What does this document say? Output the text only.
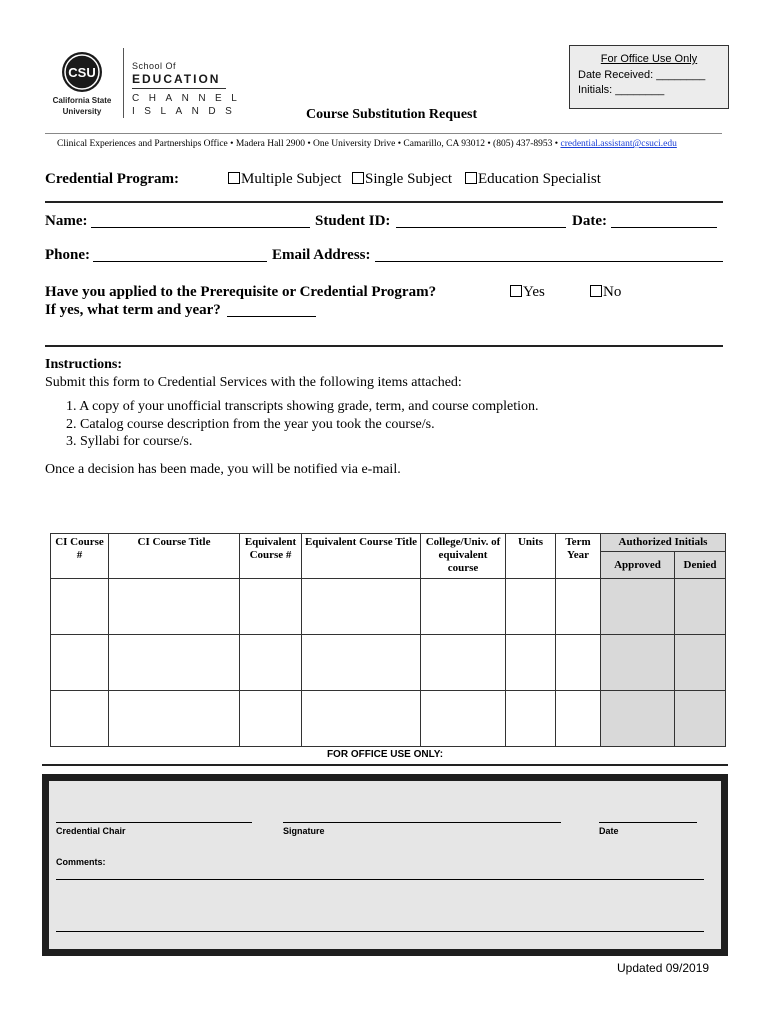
CSU
California State University
School Of
EDUCATION
CHANNEL
ISLANDS
For Office Use Only
Date Received: ________
Initials: ________
Course Substitution Request
Clinical Experiences and Partnerships Office • Madera Hall 2900 • One University Drive • Camarillo, CA 93012 • (805) 437-8953 • credential.assistant@csuci.edu
Credential Program:	Multiple Subject	Single Subject	Education Specialist
Name:	Student ID:	Date:
Phone:	Email Address:
Have you applied to the Prerequisite or Credential Program?	Yes	No
If yes, what term and year?
Instructions:
Submit this form to Credential Services with the following items attached:
1. A copy of your unofficial transcripts showing grade, term, and course completion.
2. Catalog course description from the year you took the course/s.
3. Syllabi for course/s.
Once a decision has been made, you will be notified via e-mail.
CI Course #	CI Course Title	Equivalent Course #	Equivalent Course Title	College/Univ. of equivalent course	Units	Term Year	Authorized Initials	
							Approved	Denied

FOR OFFICE USE ONLY:
Credential Chair	Signature	Date
Comments:
Updated 09/2019
